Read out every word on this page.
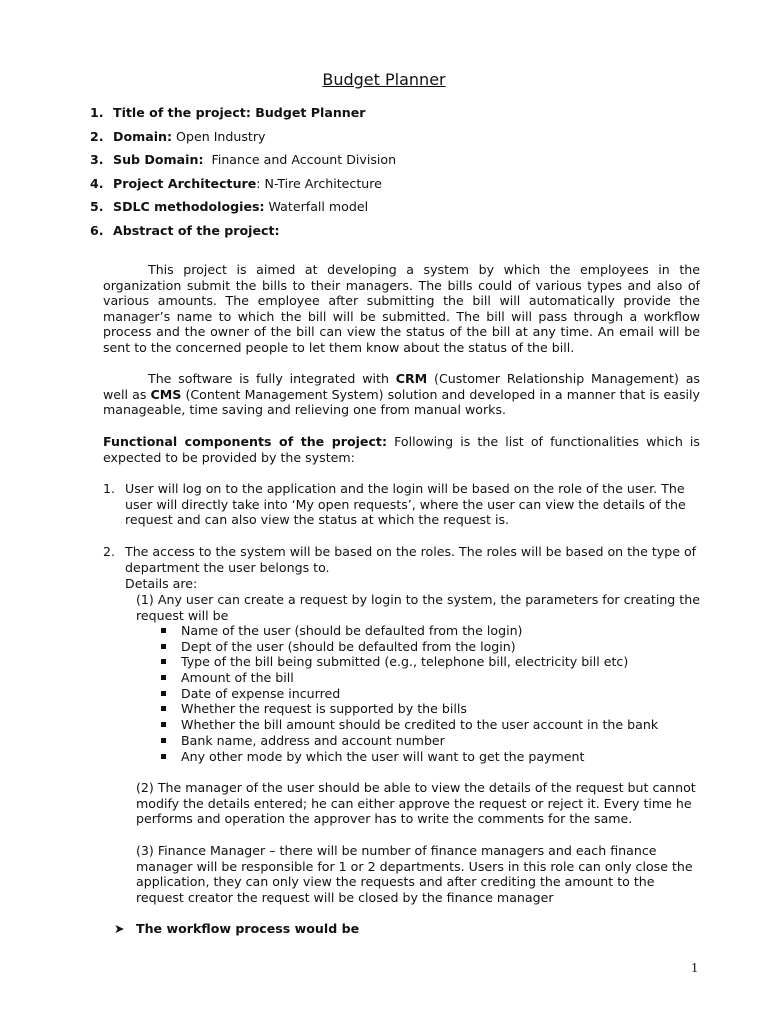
Budget Planner
1. Title of the project: Budget Planner
2. Domain: Open Industry
3. Sub Domain:  Finance and Account Division
4. Project Architecture: N-Tire Architecture
5. SDLC methodologies: Waterfall model
6. Abstract of the project:

This project is aimed at developing a system by which the employees in the organization submit the bills to their managers. The bills could of various types and also of various amounts. The employee after submitting the bill will automatically provide the manager’s name to which the bill will be submitted. The bill will pass through a workflow process and the owner of the bill can view the status of the bill at any time. An email will be sent to the concerned people to let them know about the status of the bill.

The software is fully integrated with CRM (Customer Relationship Management) as well as CMS (Content Management System) solution and developed in a manner that is easily manageable, time saving and relieving one from manual works.

Functional components of the project: Following is the list of functionalities which is expected to be provided by the system:

1. User will log on to the application and the login will be based on the role of the user. The user will directly take into ‘My open requests’, where the user can view the details of the request and can also view the status at which the request is.

2. The access to the system will be based on the roles. The roles will be based on the type of department the user belongs to.

Details are:

(1) Any user can create a request by login to the system, the parameters for creating the request will be

Name of the user (should be defaulted from the login)
Dept of the user (should be defaulted from the login)
Type of the bill being submitted (e.g., telephone bill, electricity bill etc)
Amount of the bill
Date of expense incurred
Whether the request is supported by the bills
Whether the bill amount should be credited to the user account in the bank
Bank name, address and account number
Any other mode by which the user will want to get the payment

(2) The manager of the user should be able to view the details of the request but cannot modify the details entered; he can either approve the request or reject it. Every time he performs and operation the approver has to write the comments for the same.

(3) Finance Manager – there will be number of finance managers and each finance manager will be responsible for 1 or 2 departments. Users in this role can only close the application, they can only view the requests and after crediting the amount to the request creator the request will be closed by the finance manager

➤ The workflow process would be
1
